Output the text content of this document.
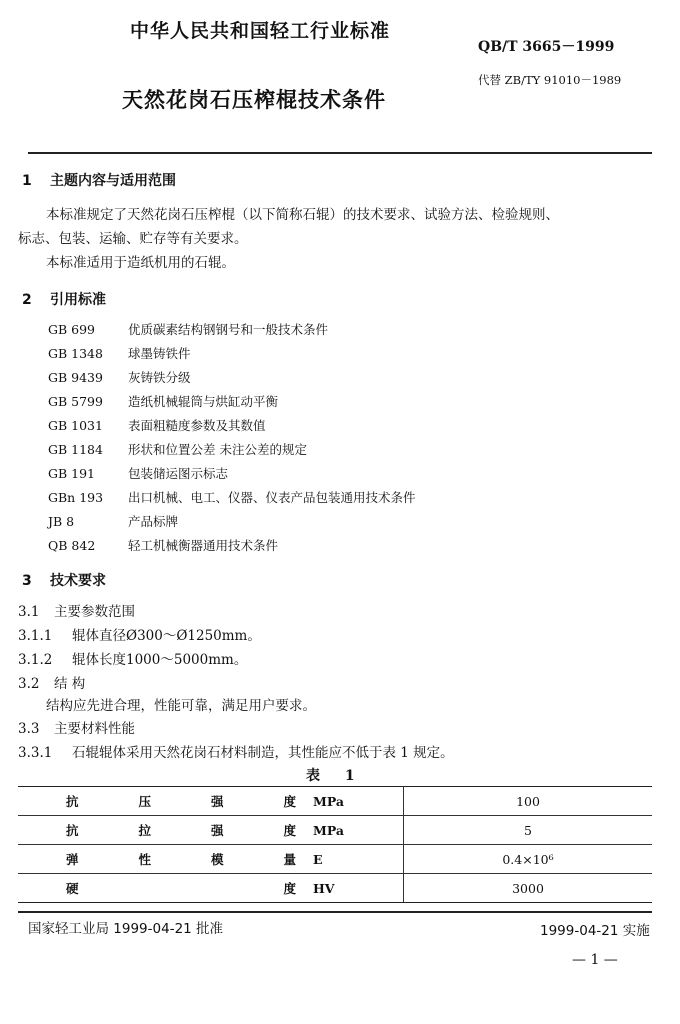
中华人民共和国轻工行业标准
QB/T 3665－1999
代替 ZB/TY 91010－1989
天然花岗石压榨棍技术条件
1 主题内容与适用范围
本标准规定了天然花岗石压榨棍（以下简称石辊）的技术要求、试验方法、检验规则、
标志、包装、运输、贮存等有关要求。
本标准适用于造纸机用的石辊。
2 引用标准
GB 699	优质碳素结构钢钢号和一般技术条件
GB 1348 球墨铸铁件
GB 9439 灰铸铁分级
GB 5799 造纸机械辊筒与烘缸动平衡
GB 1031 表面粗糙度参数及其数值
GB 1184 形状和位置公差 未注公差的规定
GB 191	包装储运图示标志
GBn 193 出口机械、电工、仪器、仪表产品包装通用技术条件
JB 8	产品标牌
QB 842	轻工机械衡器通用技术条件
3 技术要求
3.1 主要参数范围
3.1.1 辊体直径Ø300～Ø1250mm。
3.1.2 辊体长度1000～5000mm。
3.2 结 构
结构应先进合理，性能可靠，满足用户要求。
3.3 主要材料性能
3.3.1 石辊辊体采用天然花岗石材料制造，其性能应不低于表 1 规定。
表 1
抗 压 强 度	MPa	100

抗 拉 强 度	MPa	5

弹 性 模 量	E	0.4×10⁶

硬 度	HV	3000
国家轻工业局 1999-04-21 批准	1999-04-21 实施
— 1 —
